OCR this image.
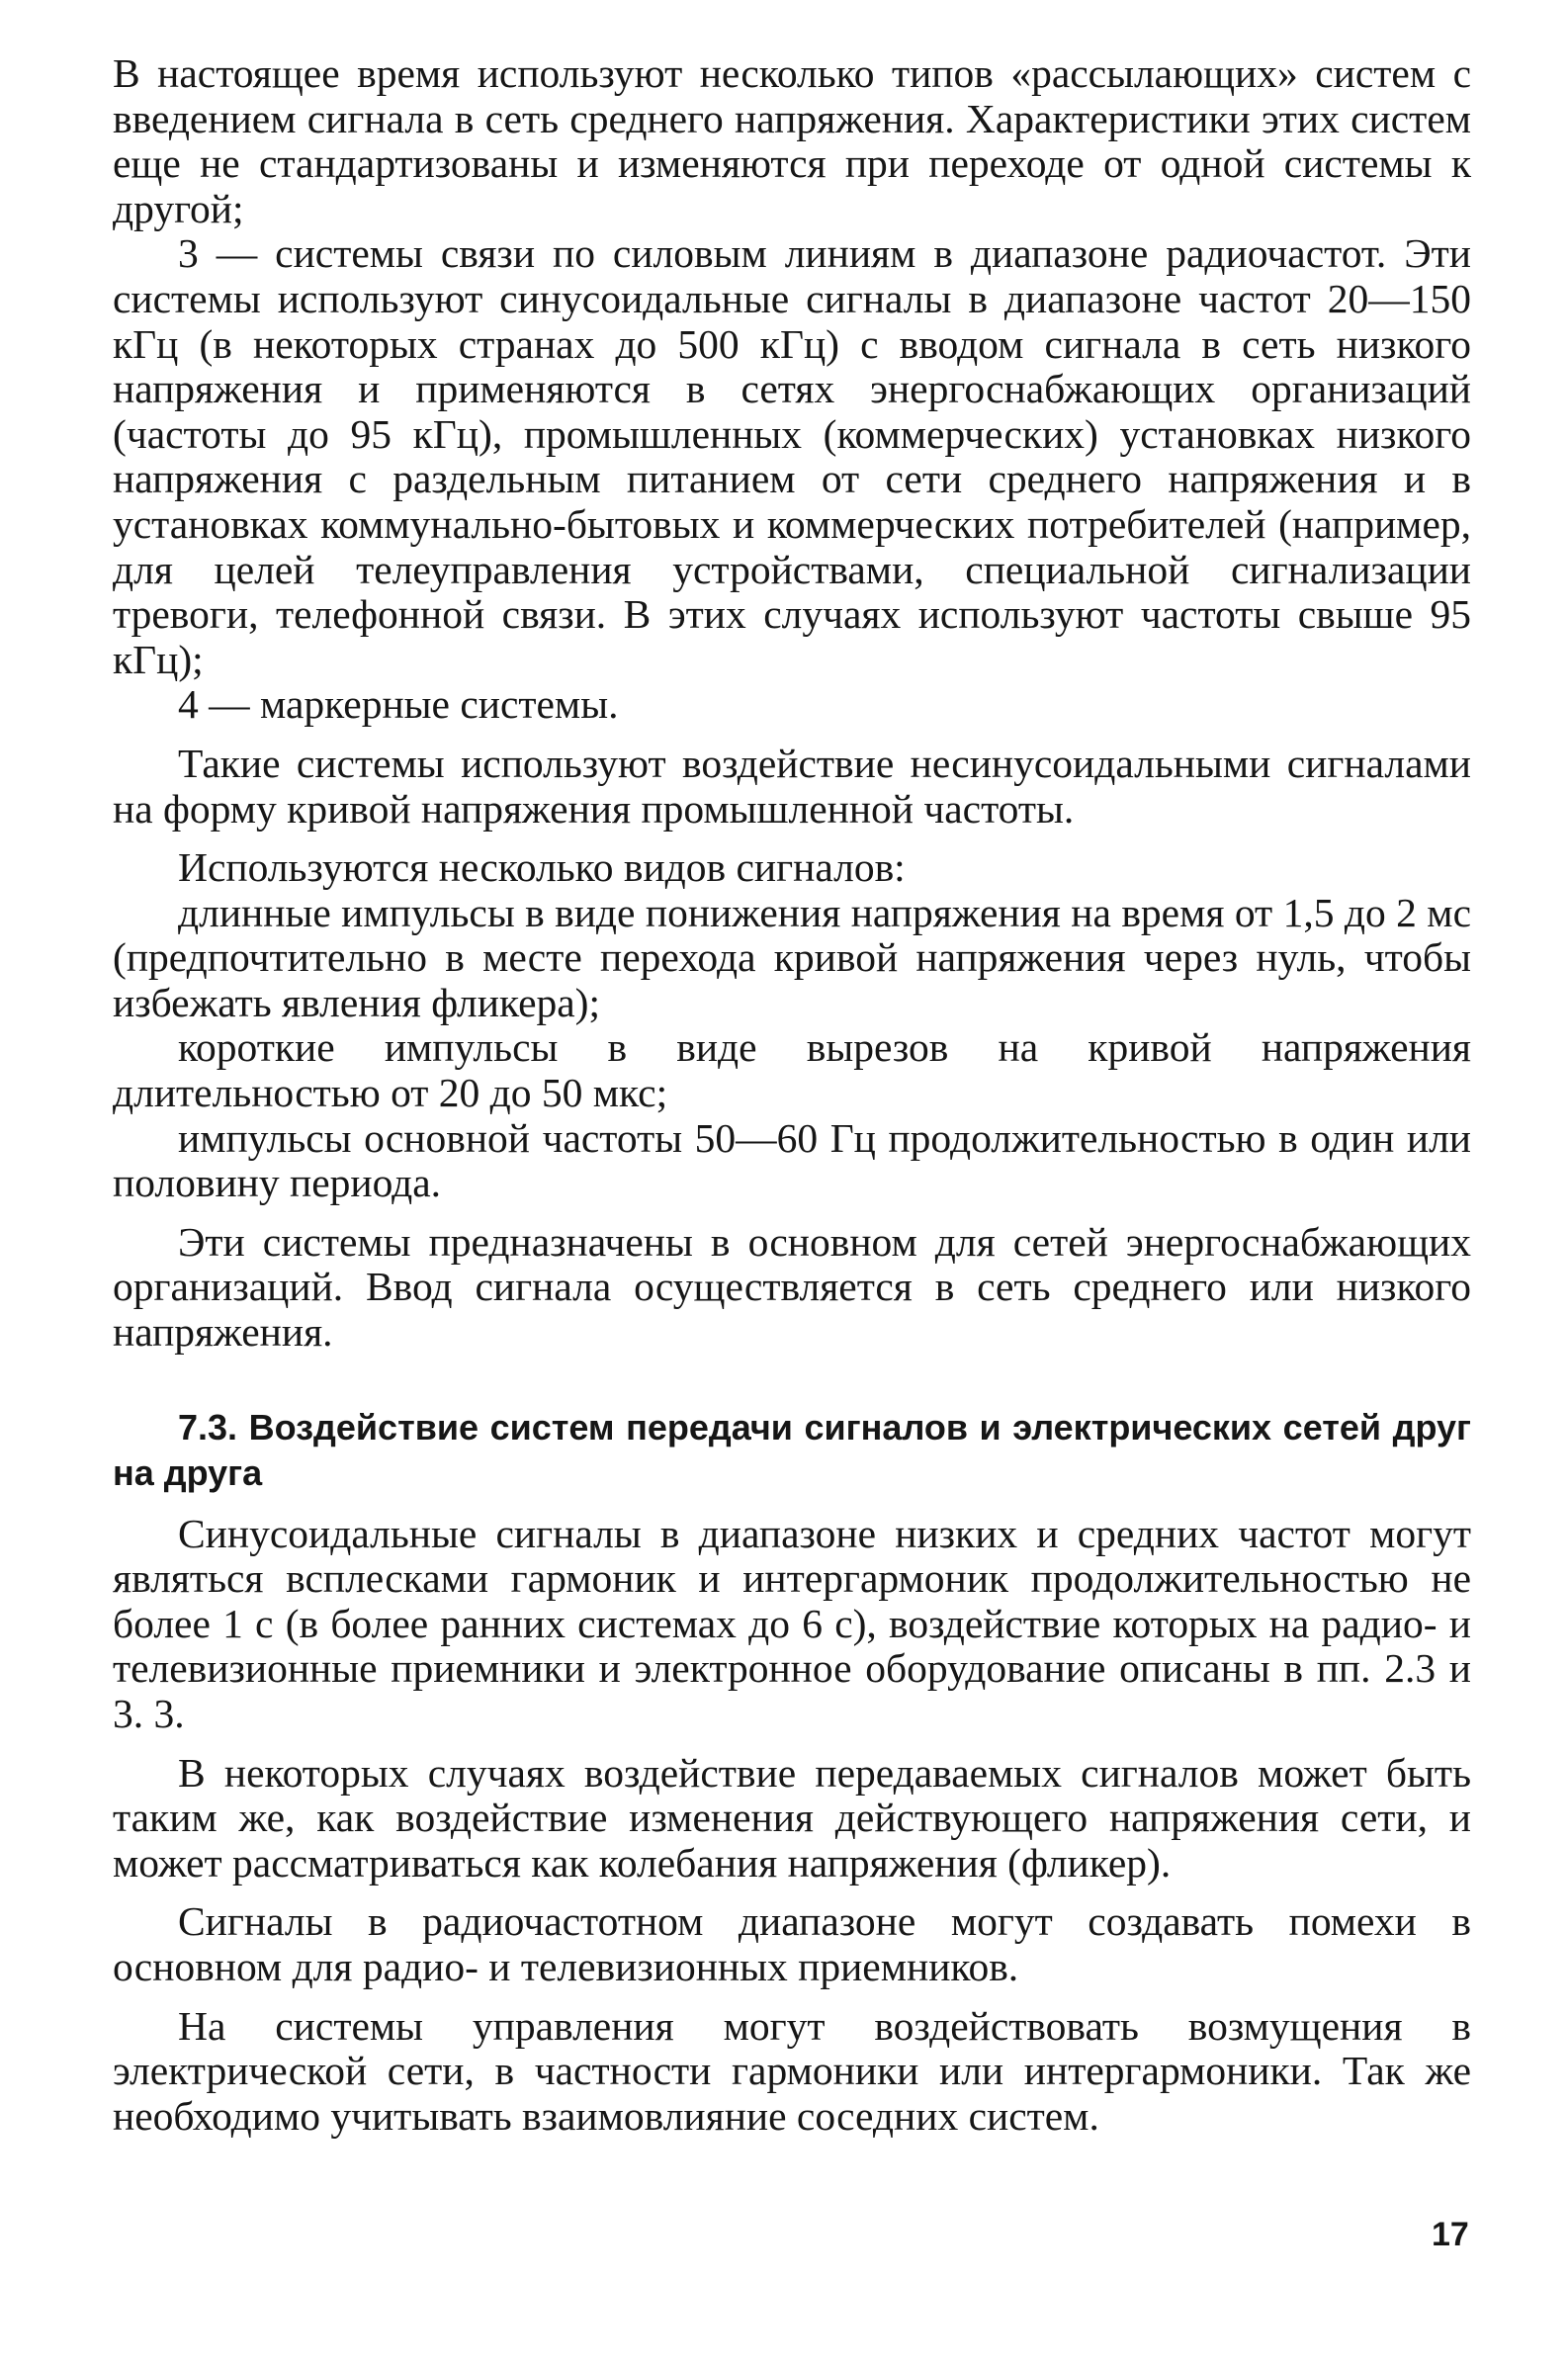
В настоящее время используют несколько типов «рассылающих» систем с введением сигнала в сеть среднего напряжения. Характеристики этих систем еще не стандартизованы и изменяются при переходе от одной системы к другой;

3 — системы связи по силовым линиям в диапазоне радиочастот. Эти системы используют синусоидальные сигналы в диапазоне частот 20—150 кГц (в некоторых странах до 500 кГц) с вводом сигнала в сеть низкого напряжения и применяются в сетях энергоснабжающих организаций (частоты до 95 кГц), промышленных (коммерческих) установках низкого напряжения с раздельным питанием от сети среднего напряжения и в установках коммунально-бытовых и коммерческих потребителей (например, для целей телеуправления устройствами, специальной сигнализации тревоги, телефонной связи. В этих случаях используют частоты свыше 95 кГц);

4 — маркерные системы.

Такие системы используют воздействие несинусоидальными сигналами на форму кривой напряжения промышленной частоты.

Используются несколько видов сигналов:

длинные импульсы в виде понижения напряжения на время от 1,5 до 2 мс (предпочтительно в месте перехода кривой напряжения через нуль, чтобы избежать явления фликера);

короткие импульсы в виде вырезов на кривой напряжения длительностью от 20 до 50 мкс;

импульсы основной частоты 50—60 Гц продолжительностью в один или половину периода.

Эти системы предназначены в основном для сетей энергоснабжающих организаций. Ввод сигнала осуществляется в сеть среднего или низкого напряжения.

7.3. Воздействие систем передачи сигналов и электрических сетей друг на друга

Синусоидальные сигналы в диапазоне низких и средних частот могут являться всплесками гармоник и интергармоник продолжительностью не более 1 с (в более ранних системах до 6 с), воздействие которых на радио- и телевизионные приемники и электронное оборудование описаны в пп. 2.3 и 3. 3.

В некоторых случаях воздействие передаваемых сигналов может быть таким же, как воздействие изменения действующего напряжения сети, и может рассматриваться как колебания напряжения (фликер).

Сигналы в радиочастотном диапазоне могут создавать помехи в основном для радио- и телевизионных приемников.

На системы управления могут воздействовать возмущения в электрической сети, в частности гармоники или интергармоники. Так же необходимо учитывать взаимовлияние соседних систем.

17
